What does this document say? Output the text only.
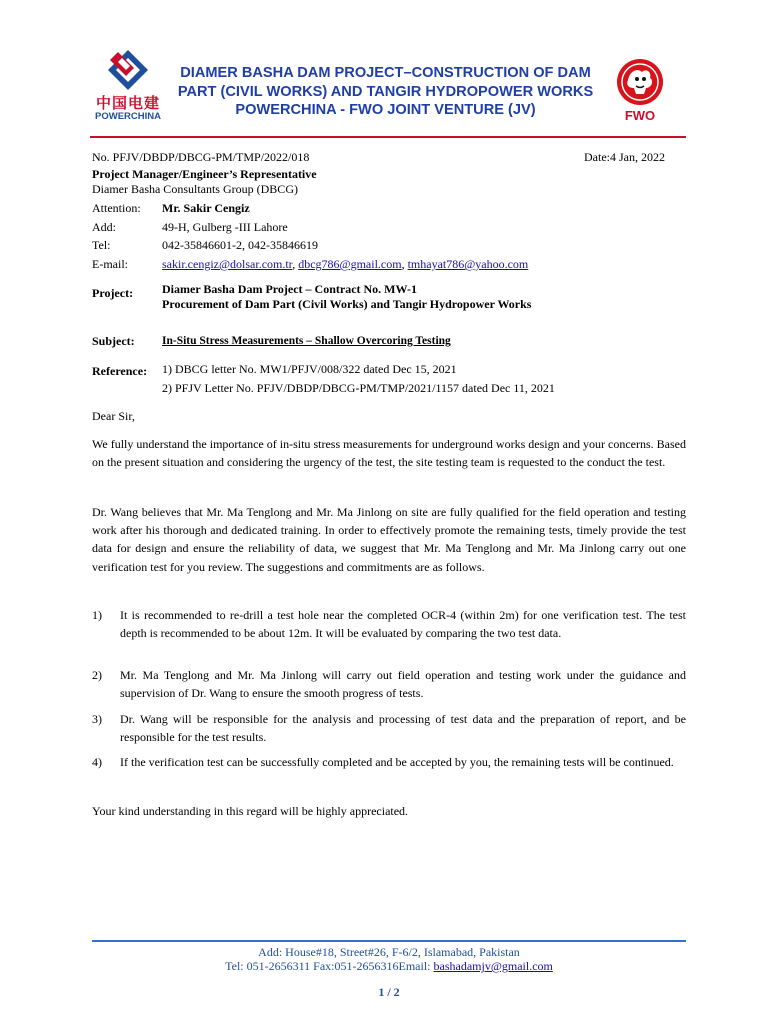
中国电建
POWERCHINA
DIAMER BASHA DAM PROJECT–CONSTRUCTION OF DAM
PART (CIVIL WORKS) AND TANGIR HYDROPOWER WORKS
POWERCHINA - FWO JOINT VENTURE (JV)	FWO
No. PFJV/DBDP/DBCG-PM/TMP/2022/018	Date:4 Jan, 2022
Project Manager/Engineer’s Representative
Diamer Basha Consultants Group (DBCG)
Attention: Mr. Sakir Cengiz
Add:	49-H, Gulberg -III Lahore
Tel:	042-35846601-2, 042-35846619
E-mail:	sakir.cengiz@dolsar.com.tr, dbcg786@gmail.com, tmhayat786@yahoo.com
Project: Diamer Basha Dam Project – Contract No. MW-1
Procurement of Dam Part (Civil Works) and Tangir Hydropower Works
Subject: In-Situ Stress Measurements – Shallow Overcoring Testing
Reference: 1) DBCG letter No. MW1/PFJV/008/322 dated Dec 15, 2021
2) PFJV Letter No. PFJV/DBDP/DBCG-PM/TMP/2021/1157 dated Dec 11, 2021
Dear Sir,
We fully understand the importance of in-situ stress measurements for underground works design and your concerns. Based on the present situation and considering the urgency of the test, the site testing team is requested to the conduct the test.
Dr. Wang believes that Mr. Ma Tenglong and Mr. Ma Jinlong on site are fully qualified for the field operation and testing work after his thorough and dedicated training. In order to effectively promote the remaining tests, timely provide the test data for design and ensure the reliability of data, we suggest that Mr. Ma Tenglong and Mr. Ma Jinlong carry out one verification test for you review. The suggestions and commitments are as follows.
1) It is recommended to re-drill a test hole near the completed OCR-4 (within 2m) for one verification test. The test depth is recommended to be about 12m. It will be evaluated by comparing the two test data.
2) Mr. Ma Tenglong and Mr. Ma Jinlong will carry out field operation and testing work under the guidance and supervision of Dr. Wang to ensure the smooth progress of tests.
3) Dr. Wang will be responsible for the analysis and processing of test data and the preparation of report, and be responsible for the test results.
4) If the verification test can be successfully completed and be accepted by you, the remaining tests will be continued.
Your kind understanding in this regard will be highly appreciated.
Add: House#18, Street#26, F-6/2, Islamabad, Pakistan
Tel: 051-2656311 Fax:051-2656316Email: bashadamjv@gmail.com
1 / 2
